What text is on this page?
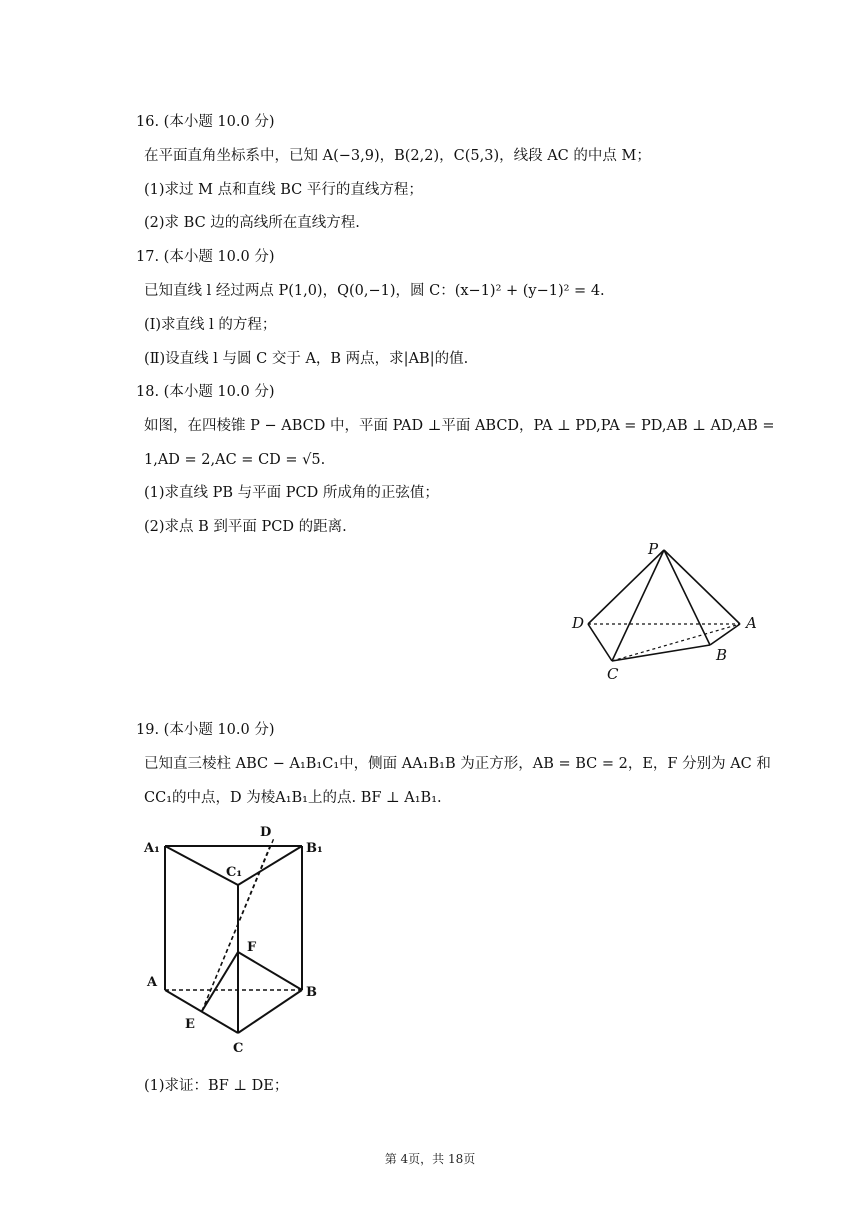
16. (本小题 10.0 分)
在平面直角坐标系中，已知 A(−3,9)，B(2,2)，C(5,3)，线段 AC 的中点 M；
(1)求过 M 点和直线 BC 平行的直线方程；
(2)求 BC 边的高线所在直线方程.
17. (本小题 10.0 分)
已知直线 l 经过两点 P(1,0)，Q(0,−1)，圆 C：(x−1)² + (y−1)² = 4.
(Ⅰ)求直线 l 的方程；
(Ⅱ)设直线 l 与圆 C 交于 A，B 两点，求|AB|的值.
18. (本小题 10.0 分)
如图，在四棱锥 P − ABCD 中，平面 PAD ⊥平面 ABCD，PA ⊥ PD,PA = PD,AB ⊥ AD,AB =
1,AD = 2,AC = CD = √5.
(1)求直线 PB 与平面 PCD 所成角的正弦值；
(2)求点 B 到平面 PCD 的距离.
P
D	A
B
C
19. (本小题 10.0 分)
已知直三棱柱 ABC − A₁B₁C₁中，侧面 AA₁B₁B 为正方形，AB = BC = 2，E，F 分别为 AC 和
CC₁的中点，D 为棱A₁B₁上的点. BF ⊥ A₁B₁.
A₁	B₁
D
C₁
F
A
B
E
C
(1)求证：BF ⊥ DE；
第 4页，共 18页
